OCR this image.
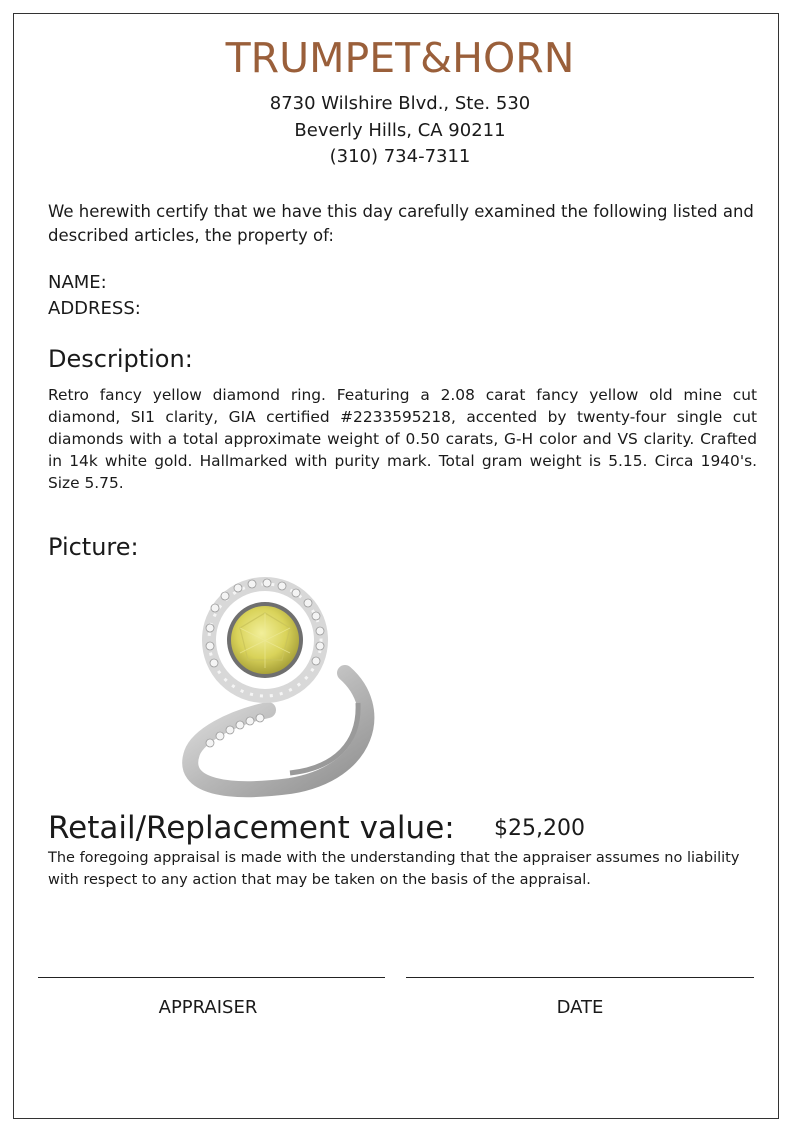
TRUMPET&HORN
8730 Wilshire Blvd., Ste. 530
Beverly Hills, CA 90211
(310) 734-7311
We herewith certify that we have this day carefully examined the following listed and described articles, the property of:
NAME:
ADDRESS:
Description:
Retro fancy yellow diamond ring. Featuring a 2.08 carat fancy yellow old mine cut diamond, SI1 clarity, GIA certified #2233595218, accented by twenty-four single cut diamonds with a total approximate weight of 0.50 carats, G-H color and VS clarity. Crafted in 14k white gold. Hallmarked with purity mark. Total gram weight is 5.15. Circa 1940's. Size 5.75.
Picture:
Retail/Replacement value: $25,200
The foregoing appraisal is made with the understanding that the appraiser assumes no liability with respect to any action that may be taken on the basis of the appraisal.
APPRAISER	DATE
